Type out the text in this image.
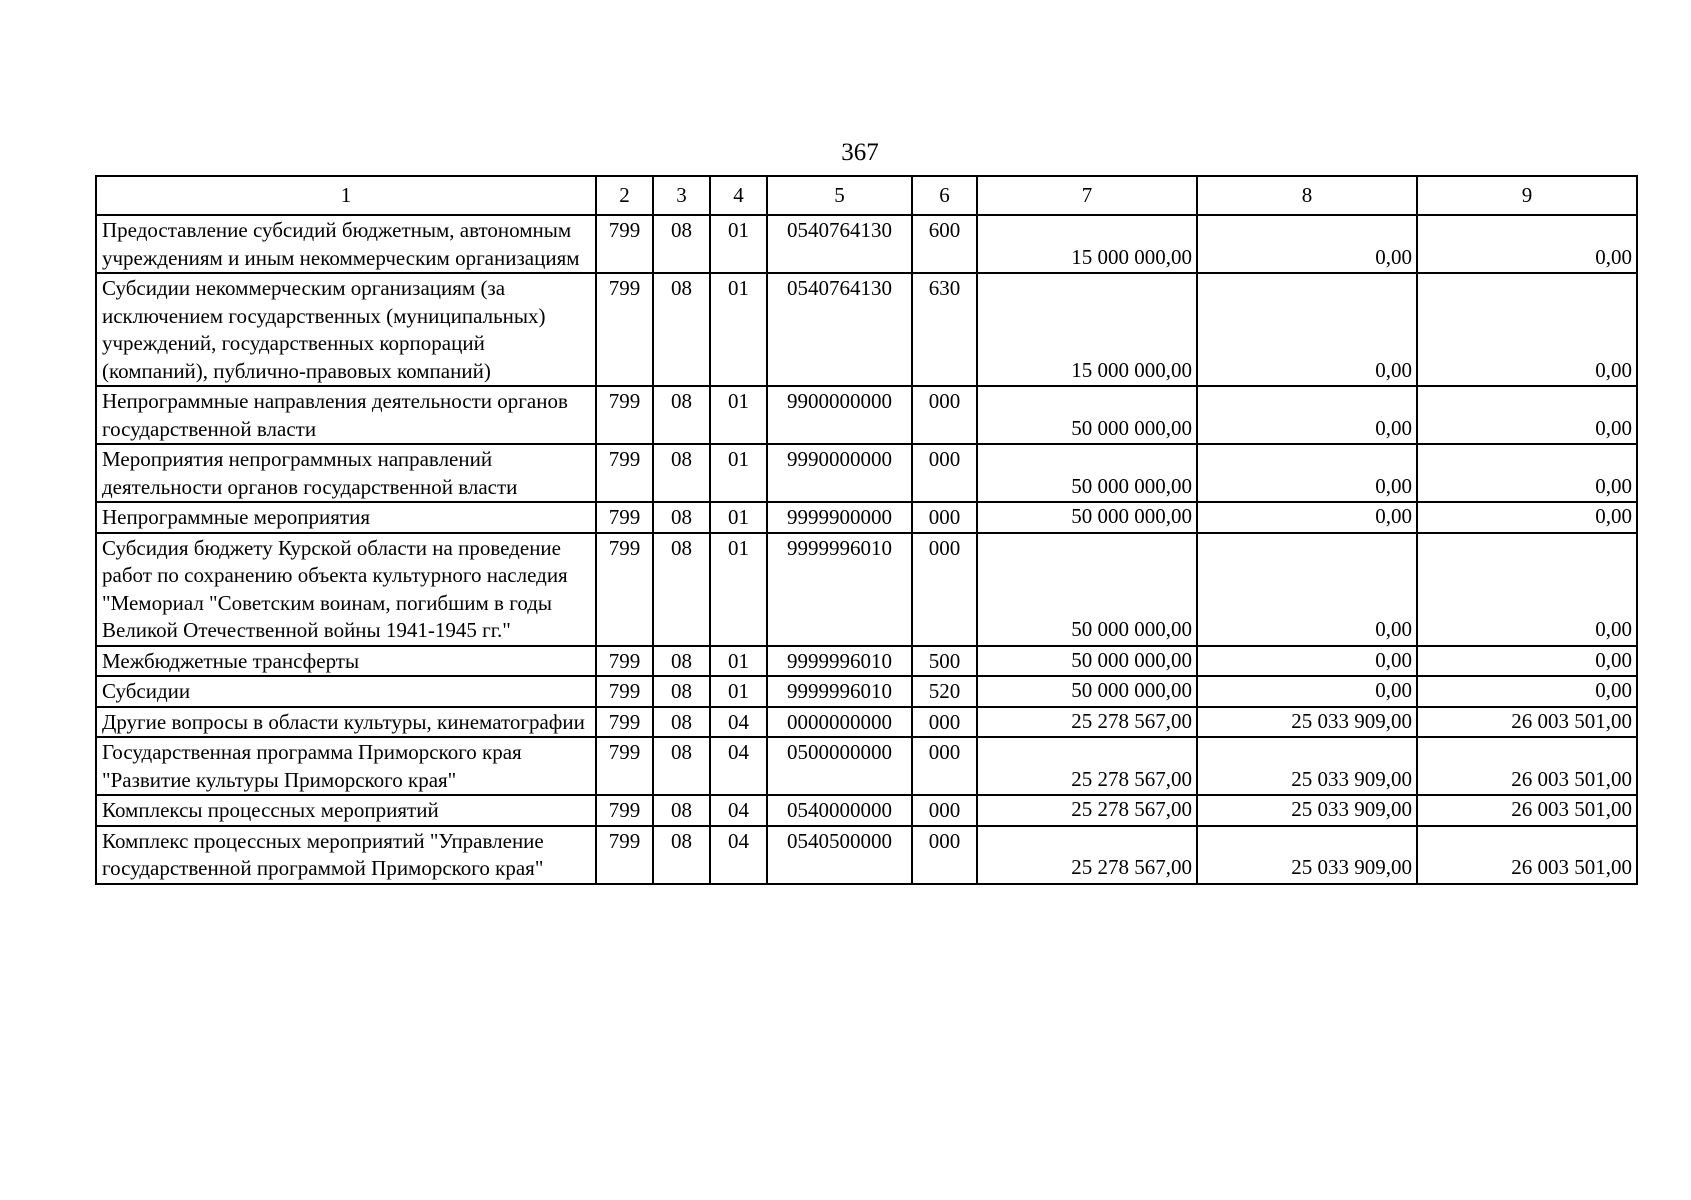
367
1	2	3	4	5	6	7	8	9
Предоставление субсидий бюджетным, автономным учреждениям и иным некоммерческим организациям	799	08	01	0540764130	600	15 000 000,00	0,00	0,00
Субсидии некоммерческим организациям (за исключением государственных (муниципальных) учреждений, государственных корпораций (компаний), публично-правовых компаний)	799	08	01	0540764130	630	15 000 000,00	0,00	0,00
Непрограммные направления деятельности органов государственной власти	799	08	01	9900000000	000	50 000 000,00	0,00	0,00
Мероприятия непрограммных направлений деятельности органов государственной власти	799	08	01	9990000000	000	50 000 000,00	0,00	0,00
Непрограммные мероприятия	799	08	01	9999900000	000	50 000 000,00	0,00	0,00
Субсидия бюджету Курской области на проведение работ по сохранению объекта культурного наследия "Мемориал "Советским воинам, погибшим в годы Великой Отечественной войны 1941-1945 гг."	799	08	01	9999996010	000	50 000 000,00	0,00	0,00
Межбюджетные трансферты	799	08	01	9999996010	500	50 000 000,00	0,00	0,00
Субсидии	799	08	01	9999996010	520	50 000 000,00	0,00	0,00
Другие вопросы в области культуры, кинематографии	799	08	04	0000000000	000	25 278 567,00	25 033 909,00	26 003 501,00
Государственная программа Приморского края "Развитие культуры Приморского края"	799	08	04	0500000000	000	25 278 567,00	25 033 909,00	26 003 501,00
Комплексы процессных мероприятий	799	08	04	0540000000	000	25 278 567,00	25 033 909,00	26 003 501,00
Комплекс процессных мероприятий "Управление государственной программой Приморского края"	799	08	04	0540500000	000	25 278 567,00	25 033 909,00	26 003 501,00
